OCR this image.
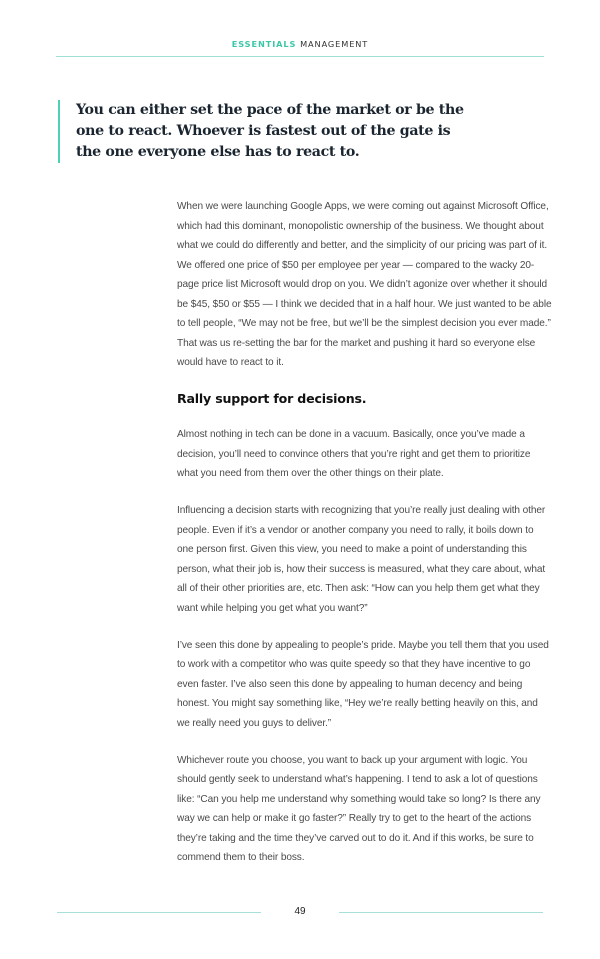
ESSENTIALS MANAGEMENT

You can either set the pace of the market or be the one to react. Whoever is fastest out of the gate is the one everyone else has to react to.

When we were launching Google Apps, we were coming out against Microsoft Office, which had this dominant, monopolistic ownership of the business. We thought about what we could do differently and better, and the simplicity of our pricing was part of it. We offered one price of $50 per employee per year — compared to the wacky 20-page price list Microsoft would drop on you. We didn’t agonize over whether it should be $45, $50 or $55 — I think we decided that in a half hour. We just wanted to be able to tell people, “We may not be free, but we’ll be the simplest decision you ever made.” That was us re-setting the bar for the market and pushing it hard so everyone else would have to react to it.

Rally support for decisions.

Almost nothing in tech can be done in a vacuum. Basically, once you’ve made a decision, you’ll need to convince others that you’re right and get them to prioritize what you need from them over the other things on their plate.

Influencing a decision starts with recognizing that you’re really just dealing with other people. Even if it’s a vendor or another company you need to rally, it boils down to one person first. Given this view, you need to make a point of understanding this person, what their job is, how their success is measured, what they care about, what all of their other priorities are, etc. Then ask: “How can you help them get what they want while helping you get what you want?”

I’ve seen this done by appealing to people’s pride. Maybe you tell them that you used to work with a competitor who was quite speedy so that they have incentive to go even faster. I’ve also seen this done by appealing to human decency and being honest. You might say something like, “Hey we’re really betting heavily on this, and we really need you guys to deliver.”

Whichever route you choose, you want to back up your argument with logic. You should gently seek to understand what’s happening. I tend to ask a lot of questions like: “Can you help me understand why something would take so long? Is there any way we can help or make it go faster?” Really try to get to the heart of the actions they’re taking and the time they’ve carved out to do it. And if this works, be sure to commend them to their boss.

49
